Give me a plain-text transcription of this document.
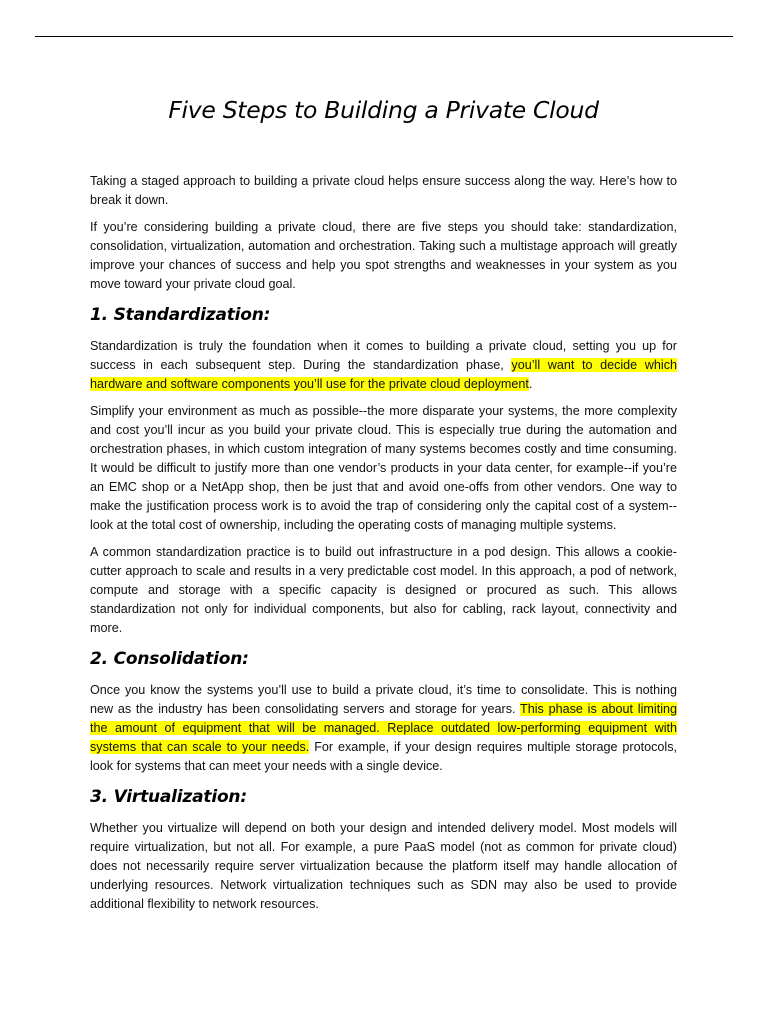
Five Steps to Building a Private Cloud

Taking a staged approach to building a private cloud helps ensure success along the way. Here’s how to break it down.

If you’re considering building a private cloud, there are five steps you should take: standardization, consolidation, virtualization, automation and orchestration. Taking such a multistage approach will greatly improve your chances of success and help you spot strengths and weaknesses in your system as you move toward your private cloud goal.

1. Standardization:

Standardization is truly the foundation when it comes to building a private cloud, setting you up for success in each subsequent step. During the standardization phase, you’ll want to decide which hardware and software components you’ll use for the private cloud deployment.

Simplify your environment as much as possible--the more disparate your systems, the more complexity and cost you’ll incur as you build your private cloud. This is especially true during the automation and orchestration phases, in which custom integration of many systems becomes costly and time consuming. It would be difficult to justify more than one vendor’s products in your data center, for example--if you’re an EMC shop or a NetApp shop, then be just that and avoid one-offs from other vendors. One way to make the justification process work is to avoid the trap of considering only the capital cost of a system--look at the total cost of ownership, including the operating costs of managing multiple systems.

A common standardization practice is to build out infrastructure in a pod design. This allows a cookie-cutter approach to scale and results in a very predictable cost model. In this approach, a pod of network, compute and storage with a specific capacity is designed or procured as such. This allows standardization not only for individual components, but also for cabling, rack layout, connectivity and more.

2. Consolidation:

Once you know the systems you’ll use to build a private cloud, it’s time to consolidate. This is nothing new as the industry has been consolidating servers and storage for years. This phase is about limiting the amount of equipment that will be managed. Replace outdated low-performing equipment with systems that can scale to your needs. For example, if your design requires multiple storage protocols, look for systems that can meet your needs with a single device.

3. Virtualization:

Whether you virtualize will depend on both your design and intended delivery model. Most models will require virtualization, but not all. For example, a pure PaaS model (not as common for private cloud) does not necessarily require server virtualization because the platform itself may handle allocation of underlying resources. Network virtualization techniques such as SDN may also be used to provide additional flexibility to network resources.
